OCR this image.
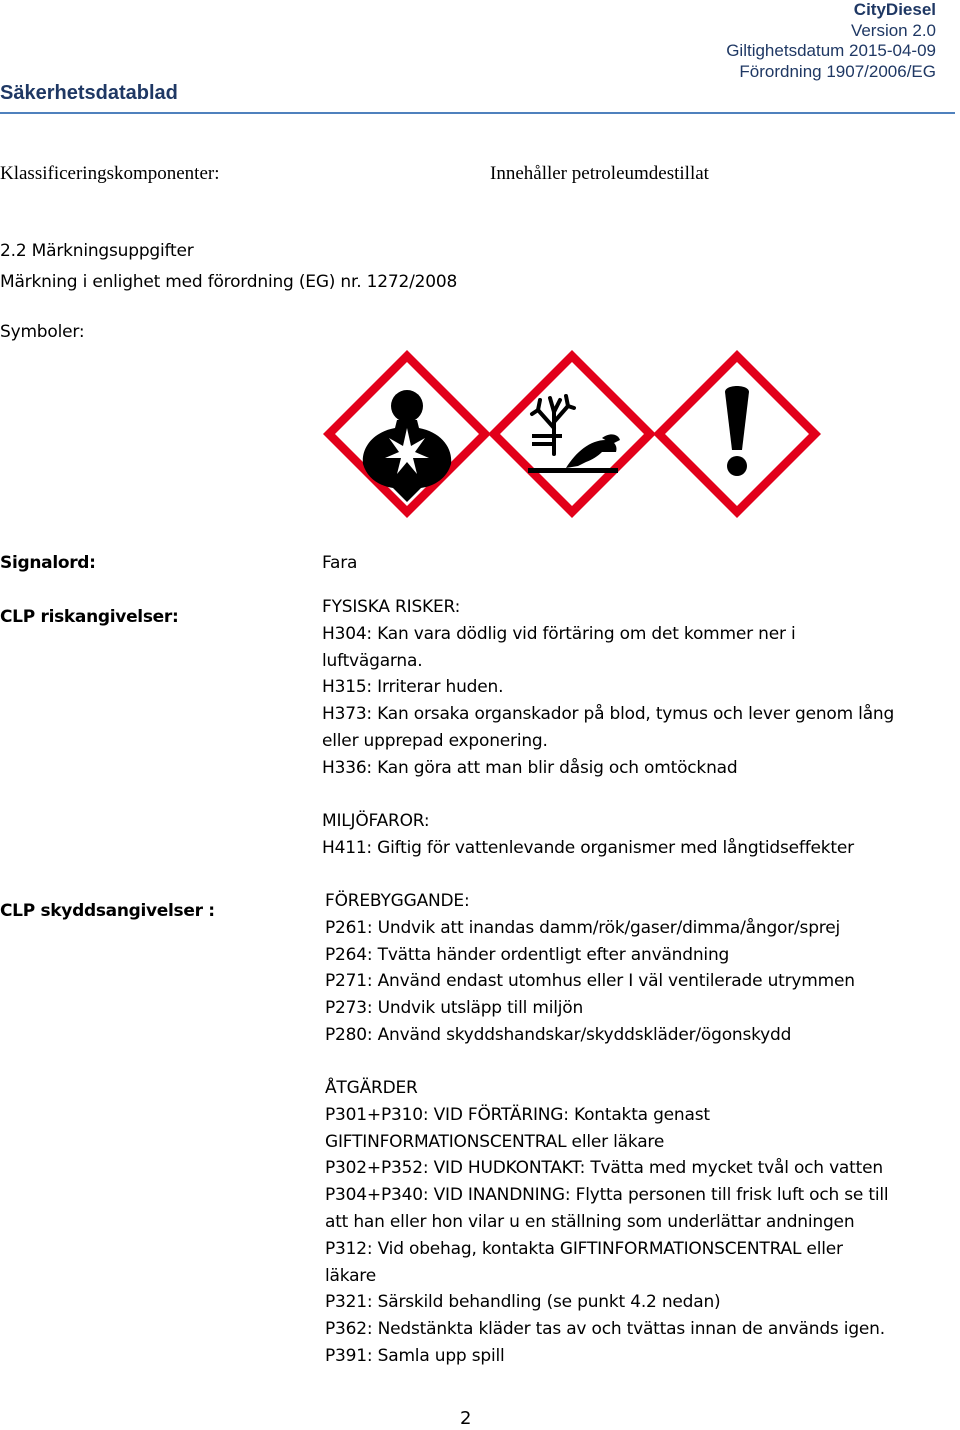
CityDiesel
Version 2.0
Giltighetsdatum 2015-04-09
Förordning 1907/2006/EG
Säkerhetsdatablad
Klassificeringskomponenter:	Innehåller petroleumdestillat
2.2 Märkningsuppgifter
Märkning i enlighet med förordning (EG) nr. 1272/2008
Symboler:
Signalord:	Fara
CLP riskangivelser:	FYSISKA RISKER:
H304: Kan vara dödlig vid förtäring om det kommer ner i
luftvägarna.
H315: Irriterar huden.
H373: Kan orsaka organskador på blod, tymus och lever genom lång
eller upprepad exponering.
H336: Kan göra att man blir dåsig och omtöcknad
MILJÖFAROR:
H411: Giftig för vattenlevande organismer med långtidseffekter
CLP skyddsangivelser :	FÖREBYGGANDE:
P261: Undvik att inandas damm/rök/gaser/dimma/ångor/sprej
P264: Tvätta händer ordentligt efter användning
P271: Använd endast utomhus eller I väl ventilerade utrymmen
P273: Undvik utsläpp till miljön
P280: Använd skyddshandskar/skyddskläder/ögonskydd
ÅTGÄRDER
P301+P310: VID FÖRTÄRING: Kontakta genast
GIFTINFORMATIONSCENTRAL eller läkare
P302+P352: VID HUDKONTAKT: Tvätta med mycket tvål och vatten
P304+P340: VID INANDNING: Flytta personen till frisk luft och se till
att han eller hon vilar u en ställning som underlättar andningen
P312: Vid obehag, kontakta GIFTINFORMATIONSCENTRAL eller
läkare
P321: Särskild behandling (se punkt 4.2 nedan)
P362: Nedstänkta kläder tas av och tvättas innan de används igen.
P391: Samla upp spill
2
